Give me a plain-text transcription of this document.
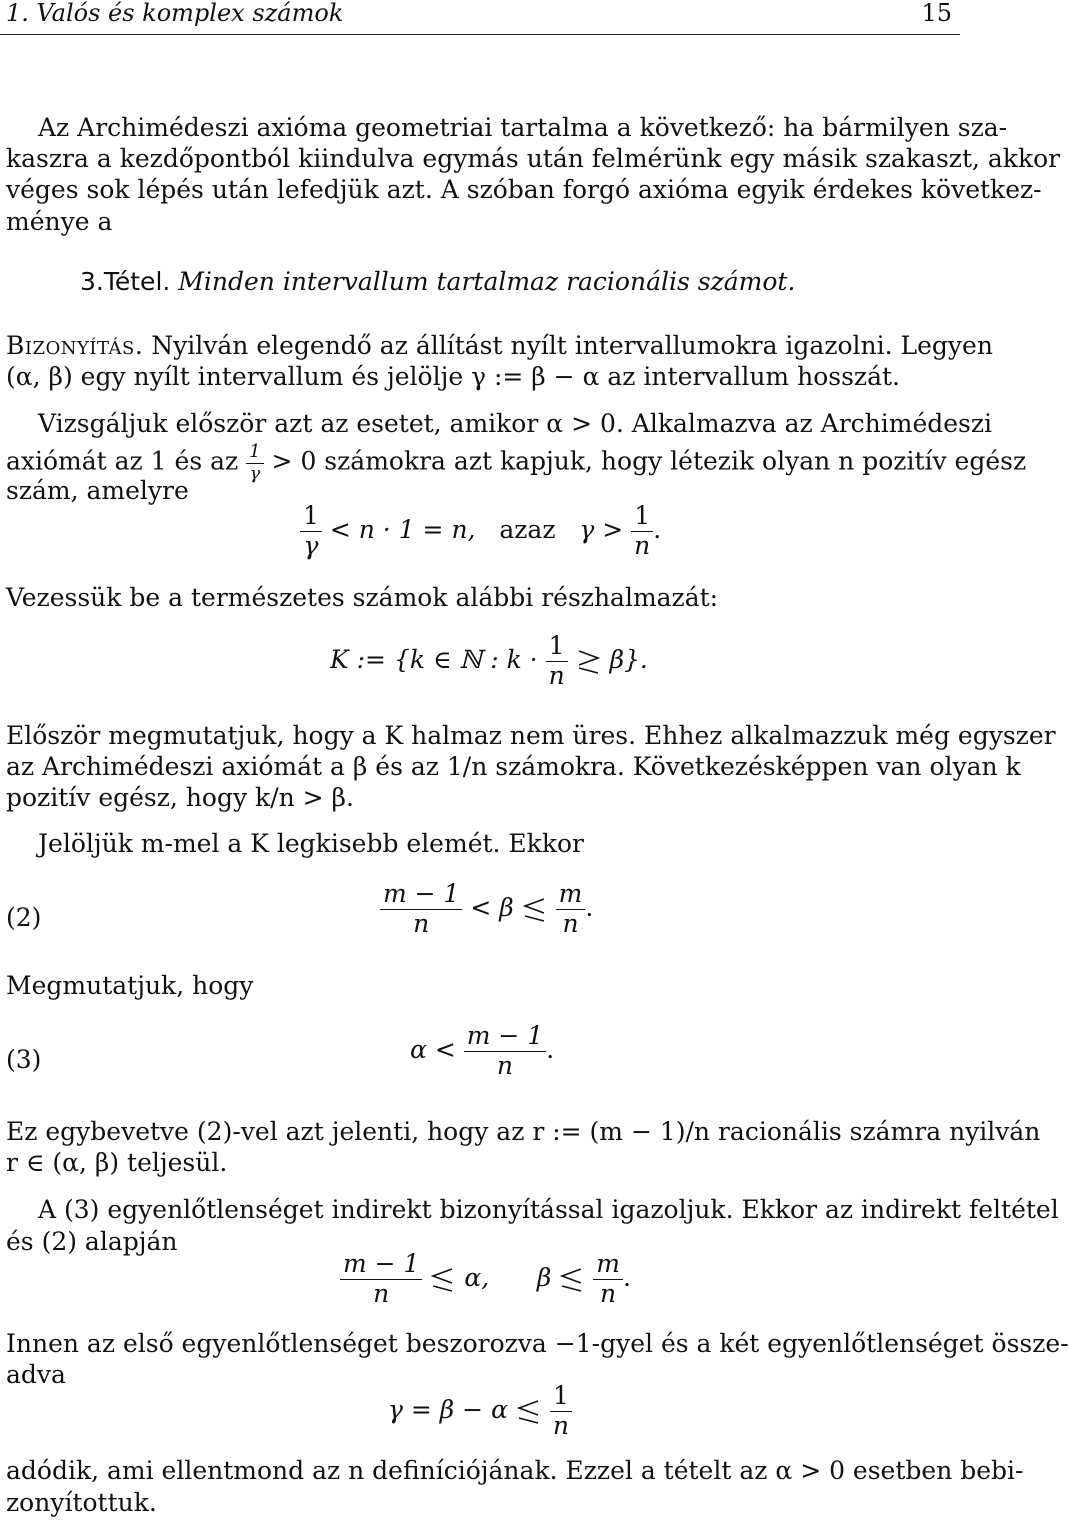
1. Valós és komplex számok	15
Az Archimédeszi axióma geometriai tartalma a következő: ha bármilyen sza-
kaszra a kezdőpontból kiindulva egymás után felmérünk egy másik szakaszt, akkor
véges sok lépés után lefedjük azt. A szóban forgó axióma egyik érdekes következ-
ménye a
3.Tétel. Minden intervallum tartalmaz racionális számot.
Bizonyítás. Nyilván elegendő az állítást nyílt intervallumokra igazolni. Legyen
(α, β) egy nyílt intervallum és jelölje γ := β − α az intervallum hosszát.
Vizsgáljuk először azt az esetet, amikor α > 0. Alkalmazva az Archimédeszi
axiómát az 1 és az $\frac{1}{\gamma} > 0$ számokra azt kapjuk, hogy létezik olyan n pozitív egész
szám, amelyre
$\frac{1}{\gamma} < n \cdot 1 = n$, azaz $\gamma > \frac{1}{n}$ .
Vezessük be a természetes számok alábbi részhalmazát:
K := {k ∈ ℕ : $k \cdot \frac{1}{n}$
β}.
Először megmutatjuk, hogy a K halmaz nem üres. Ehhez alkalmazzuk még egyszer
az Archimédeszi axiómát a β és az 1/n számokra. Következésképpen van olyan k
pozitív egész, hogy k/n > β.
Jelöljük m-mel a K legkisebb elemét. Ekkor
(2)	$\frac{m - 1}{n} < \beta$
$\frac{m}{n}$ .
Megmutatjuk, hogy
(3)	$\alpha < \frac{m - 1}{n}$ .
Ez egybevetve (2)-vel azt jelenti, hogy az r := (m − 1)/n racionális számra nyilván
r ∈ (α, β) teljesül.
A (3) egyenlőtlenséget indirekt bizonyítással igazoljuk. Ekkor az indirekt feltétel
és (2) alapján
$\frac{m - 1}{n}$
α, β
$\frac{m}{n}$ .
Innen az első egyenlőtlenséget beszorozva −1-gyel és a két egyenlőtlenséget össze-
adva
γ = β − α
$\frac{1}{n}$
adódik, ami ellentmond az n definíciójának. Ezzel a tételt az α > 0 esetben bebi-
zonyítottuk.
